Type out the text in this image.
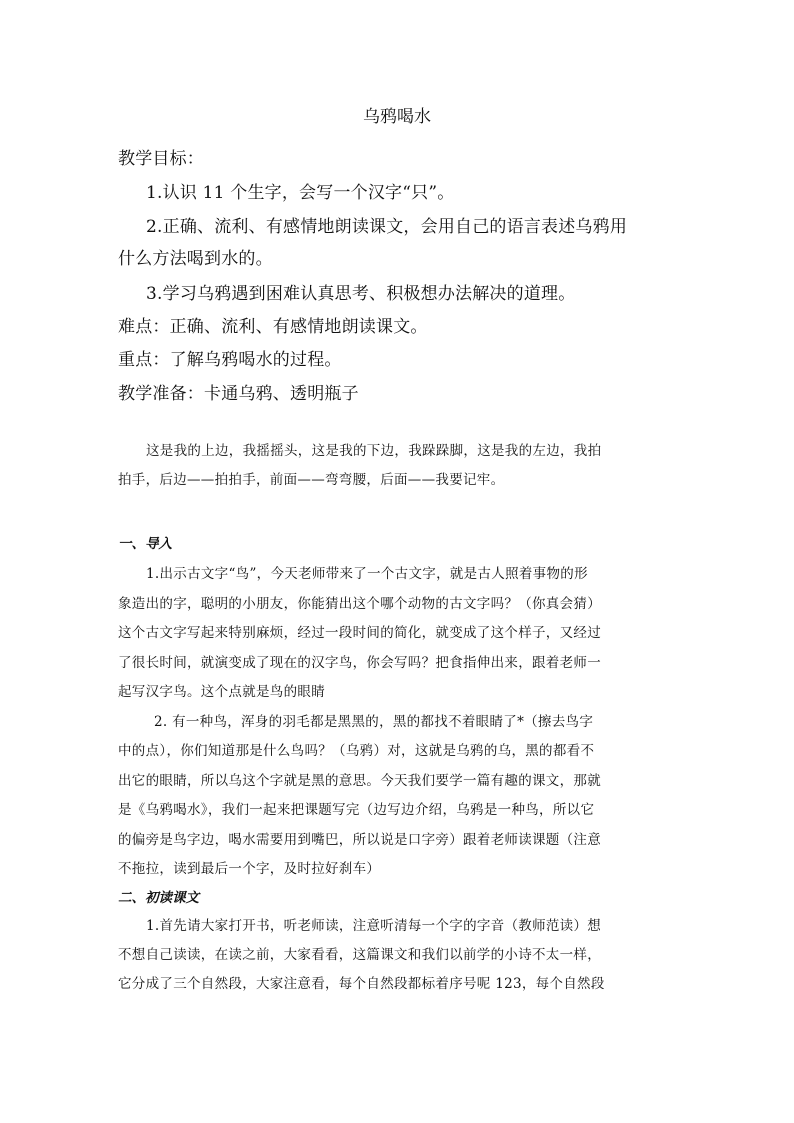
乌鸦喝水
教学目标：
1.认识 11 个生字，会写一个汉字“只”。
2.正确、流利、有感情地朗读课文，会用自己的语言表述乌鸦用
什么方法喝到水的。
3.学习乌鸦遇到困难认真思考、积极想办法解决的道理。
难点：正确、流利、有感情地朗读课文。
重点：了解乌鸦喝水的过程。
教学准备：卡通乌鸦、透明瓶子
这是我的上边，我摇摇头，这是我的下边，我跺跺脚，这是我的左边，我拍
拍手，后边——拍拍手，前面——弯弯腰，后面——我要记牢。
一、导入
1.出示古文字“鸟”，今天老师带来了一个古文字，就是古人照着事物的形
象造出的字，聪明的小朋友，你能猜出这个哪个动物的古文字吗？（你真会猜）
这个古文字写起来特别麻烦，经过一段时间的简化，就变成了这个样子，又经过
了很长时间，就演变成了现在的汉字鸟，你会写吗？把食指伸出来，跟着老师一
起写汉字鸟。这个点就是鸟的眼睛
2. 有一种鸟，浑身的羽毛都是黑黑的，黑的都找不着眼睛了*（擦去鸟字
中的点），你们知道那是什么鸟吗？（乌鸦）对，这就是乌鸦的乌，黑的都看不
出它的眼睛，所以乌这个字就是黑的意思。今天我们要学一篇有趣的课文，那就
是《乌鸦喝水》，我们一起来把课题写完（边写边介绍，乌鸦是一种鸟，所以它
的偏旁是鸟字边，喝水需要用到嘴巴，所以说是口字旁）跟着老师读课题（注意
不拖拉，读到最后一个字，及时拉好刹车）
二、初读课文
1.首先请大家打开书，听老师读，注意听清每一个字的字音（教师范读）想
不想自己读读，在读之前，大家看看，这篇课文和我们以前学的小诗不太一样，
它分成了三个自然段，大家注意看，每个自然段都标着序号呢 123，每个自然段
